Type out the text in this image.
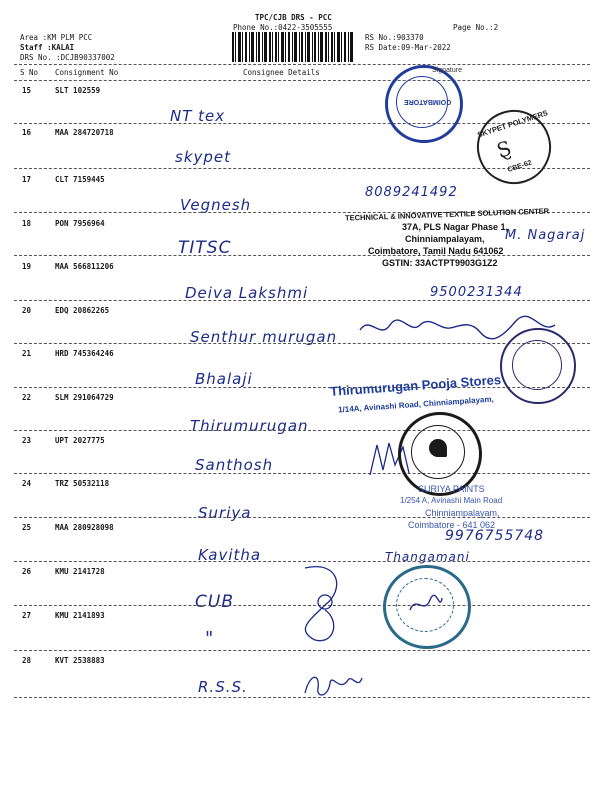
TPC/CJB DRS - PCC
Phone No.:0422-3505555	Page No.:2
Area :KM PLM PCC
Staff :KALAI
DRS No. :DCJB90337002
RS No.:903370
RS Date:09-Mar-2022
S No Consignment No	Consignee Details
15	SLT 102559
NT tex
16	MAA 284720718
skypet
17	CLT 7159445
Vegnesh
18	PON 7956964
TITSC
19	MAA 566811206
Deiva Lakshmi
20	EDQ 20862265
Senthur murugan
21	HRD 745364246
Bhalaji
22	SLM 291064729
Thirumurugan
23	UPT 2027775
Santhosh
24	TRZ 50532118
Suriya
25	MAA 280928098
Kavitha
26	KMU 2141728
CUB
27	KMU 2141893
"
28	KVT 2538883
R.S.S.
8089241492
M. Nagaraj
9500231344
9976755748
Thangamani
COIMBATORE
Signature
SKYPET POLYMERS
Ȿ
CBE-62
TECHNICAL & INNOVATIVE TEXTILE SOLUTION CENTER
37A, PLS Nagar Phase 1,
Chinniampalayam,
Coimbatore, Tamil Nadu 641062
GSTIN: 33ACTPT9903G1Z2
Thirumurugan Pooja Stores
1/14A, Avinashi Road, Chinniampalayam,
SURIYA PAINTS
1/254 A, Avinashi Main Road
Chinniampalayam,
Coimbatore - 641 062
